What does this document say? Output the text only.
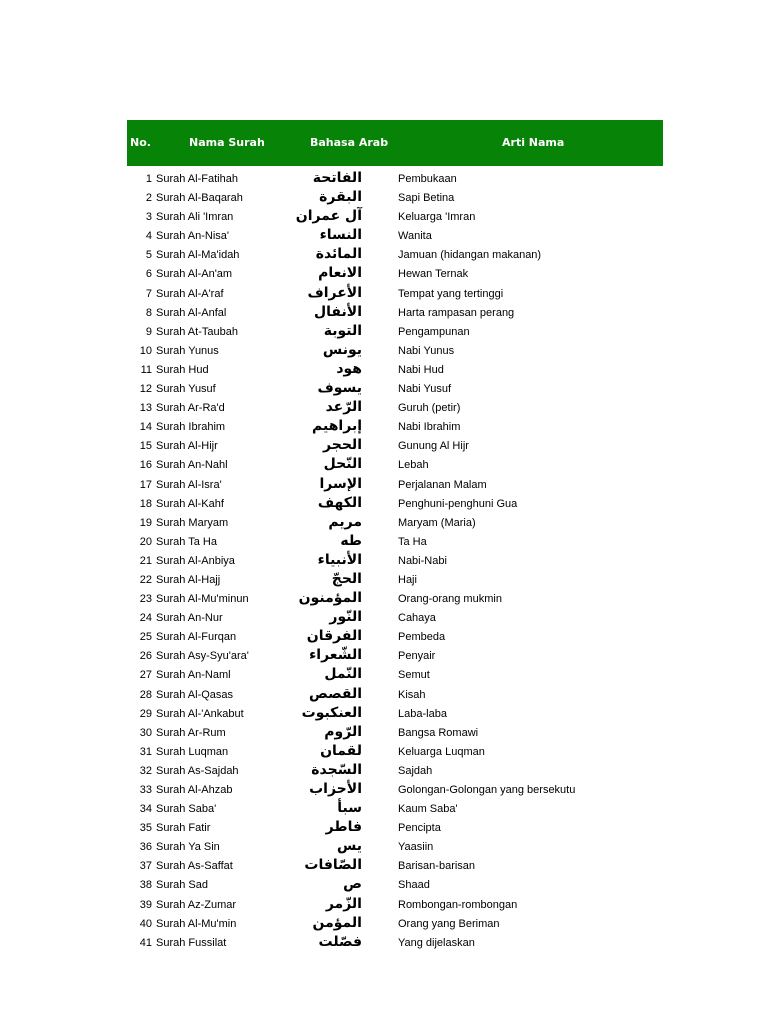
No.	Nama Surah	Bahasa Arab	Arti Nama
1 Surah Al-Fatihah	الفاتحة	Pembukaan
2 Surah Al-Baqarah	البقرة	Sapi Betina
3 Surah Ali 'Imran	آل عمران	Keluarga 'Imran
4 Surah An-Nisa'	النساء	Wanita
5 Surah Al-Ma'idah	المائدة	Jamuan (hidangan makanan)
6 Surah Al-An'am	الانعام	Hewan Ternak
7 Surah Al-A'raf	الأعراف	Tempat yang tertinggi
8 Surah Al-Anfal	الأنفال	Harta rampasan perang
9 Surah At-Taubah	التوبة	Pengampunan
10 Surah Yunus	يونس	Nabi Yunus
11 Surah Hud	هود	Nabi Hud
12 Surah Yusuf	يسوف	Nabi Yusuf
13 Surah Ar-Ra'd	الرّعد	Guruh (petir)
14 Surah Ibrahim	إبراهيم	Nabi Ibrahim
15 Surah Al-Hijr	الحجر	Gunung Al Hijr
16 Surah An-Nahl	النّحل	Lebah
17 Surah Al-Isra'	الإسرا	Perjalanan Malam
18 Surah Al-Kahf	الكهف	Penghuni-penghuni Gua
19 Surah Maryam	مريم	Maryam (Maria)
20 Surah Ta Ha	طه	Ta Ha
21 Surah Al-Anbiya	الأنبياء	Nabi-Nabi
22 Surah Al-Hajj	الحجّ	Haji
23 Surah Al-Mu'minun	المؤمنون	Orang-orang mukmin
24 Surah An-Nur	النّور	Cahaya
25 Surah Al-Furqan	الفرقان	Pembeda
26 Surah Asy-Syu'ara'	الشّعراء	Penyair
27 Surah An-Naml	النّمل	Semut
28 Surah Al-Qasas	القصص	Kisah
29 Surah Al-'Ankabut	العنكبوت	Laba-laba
30 Surah Ar-Rum	الرّوم	Bangsa Romawi
31 Surah Luqman	لقمان	Keluarga Luqman
32 Surah As-Sajdah	السّجدة	Sajdah
33 Surah Al-Ahzab	الأحزاب	Golongan-Golongan yang bersekutu
34 Surah Saba'	سبأ	Kaum Saba'
35 Surah Fatir	فاطر	Pencipta
36 Surah Ya Sin	يس	Yaasiin
37 Surah As-Saffat	الصّافات	Barisan-barisan
38 Surah Sad	ص	Shaad
39 Surah Az-Zumar	الزّمر	Rombongan-rombongan
40 Surah Al-Mu'min	المؤمن	Orang yang Beriman
41 Surah Fussilat	فصّلت	Yang dijelaskan
